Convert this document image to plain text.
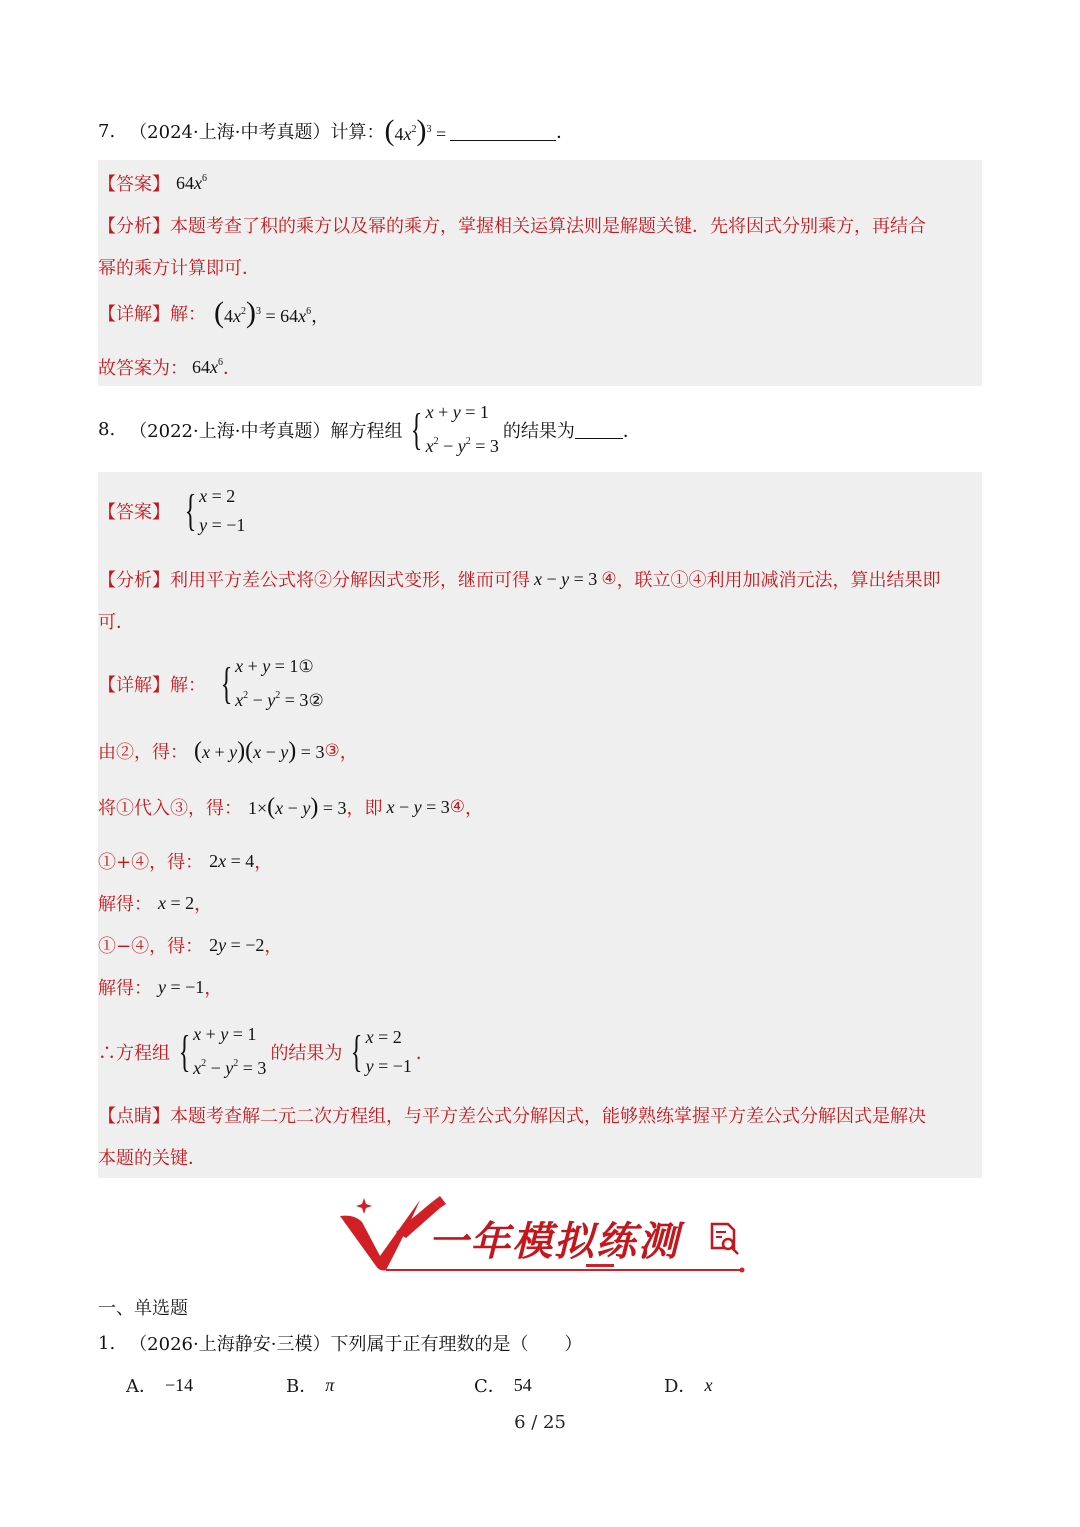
7. （2024·上海·中考真题）计算： $(4x^2)^3$ =	．
【答案】 $64x^6$
【分析】 本题考查了积的乘方以及幂的乘方，掌握相关运算法则是解题关键．先将因式分别乘方，再结合
幂的乘方计算即可．
【详解】 解： $(4x^2)^3 = 64x^6$，
故答案为： $64x^6$ ．
8. （2022·上海·中考真题）解方程组 { x + y = 1
$x^2 - y^2 = 3$
的结果为	．
【答案】 { x = 2
y = −1
【分析】 利用平方差公式将②分解因式变形，继而可得 x − y = 3 ④ ，联立①④利用加减消元法，算出结果即
可．
【详解】 解： { x + y = 1①
$x^2 - y^2$ = 3②
由②，得： (x + y)(x − y) = 3 ③ ，
将①代入③，得： 1×(x − y) = 3 ，即 x − y = 3 ④ ，
①+④，得： 2x = 4 ，
解得： x = 2 ，
①−④，得： 2y = −2 ，
解得： y = −1 ，
∴方程组 { x + y = 1
$x^2 - y^2 = 3$
的结果为 { x = 2
y = −1
．
【点睛】 本题考查解二元二次方程组，与平方差公式分解因式，能够熟练掌握平方差公式分解因式是解决
本题的关键．
一年模拟练测
一、单选题
1. （2026·上海静安·三模）下列属于正有理数的是（　　）
A． −14	B． π	C． 54	D． x
6 / 25
